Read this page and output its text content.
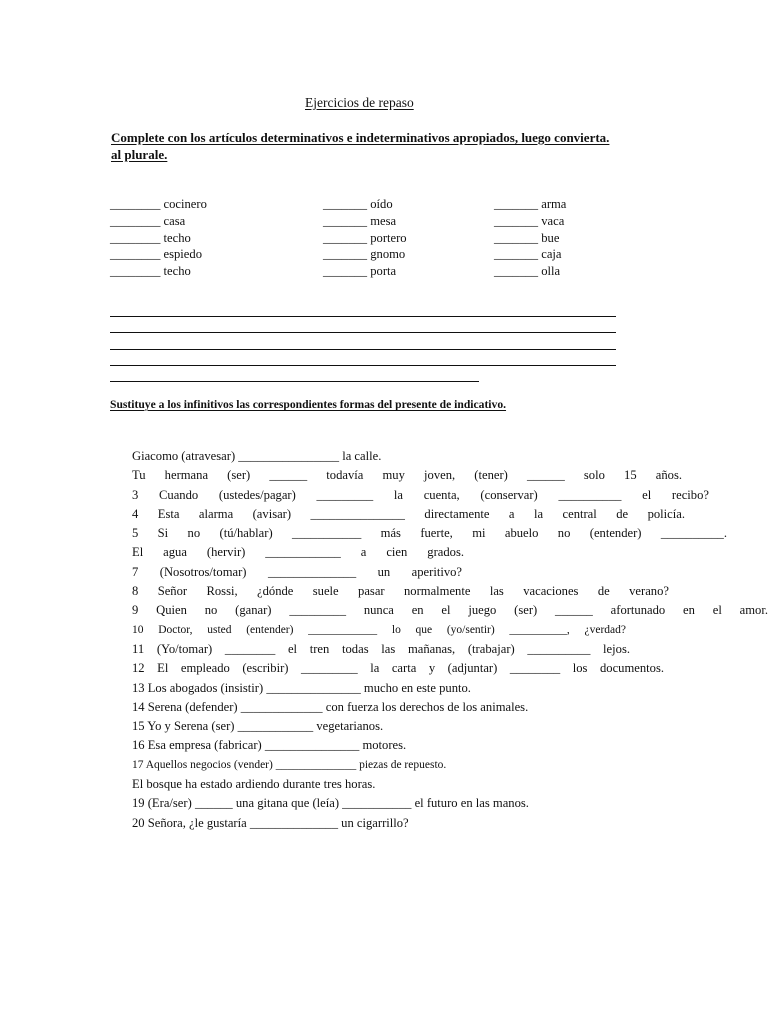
Ejercicios de repaso
Complete con los artículos determinativos e indeterminativos apropiados, luego convierta.
al plurale.
________ cocinero
________ casa
________ techo
________ espiedo
________ techo
_______ oído
_______ mesa
_______ portero
_______ gnomo
_______ porta
_______ arma
_______ vaca
_______ bue
_______ caja
_______ olla
Sustituye a los infinitivos las correspondientes formas del presente de indicativo.
Giacomo (atravesar) ________________ la calle.
Tu hermana (ser) ______ todavía muy joven, (tener) ______ solo 15 años.
3 Cuando (ustedes/pagar) _________ la cuenta, (conservar) __________ el recibo?
4 Esta alarma (avisar) _______________ directamente a la central de policía.
5 Si no (tú/hablar) ___________ más fuerte, mi abuelo no (entender) __________.
El agua (hervir) ____________ a cien grados.
7 (Nosotros/tomar) ______________ un aperitivo?
8 Señor Rossi, ¿dónde suele pasar normalmente las vacaciones de verano?
9 Quien no (ganar) _________ nunca en el juego (ser) ______ afortunado en el amor.
10 Doctor, usted (entender) ____________ lo que (yo/sentir) __________, ¿verdad?
11 (Yo/tomar) ________ el tren todas las mañanas, (trabajar) __________ lejos.
12 El empleado (escribir) _________ la carta y (adjuntar) ________ los documentos.
13 Los abogados (insistir) _______________ mucho en este punto.
14 Serena (defender) _____________ con fuerza los derechos de los animales.
15 Yo y Serena (ser) ____________ vegetarianos.
16 Esa empresa (fabricar) _______________ motores.
17 Aquellos negocios (vender) ______________ piezas de repuesto.
El bosque ha estado ardiendo durante tres horas.
19 (Era/ser) ______ una gitana que (leía) ___________ el futuro en las manos.
20 Señora, ¿le gustaría ______________ un cigarrillo?
